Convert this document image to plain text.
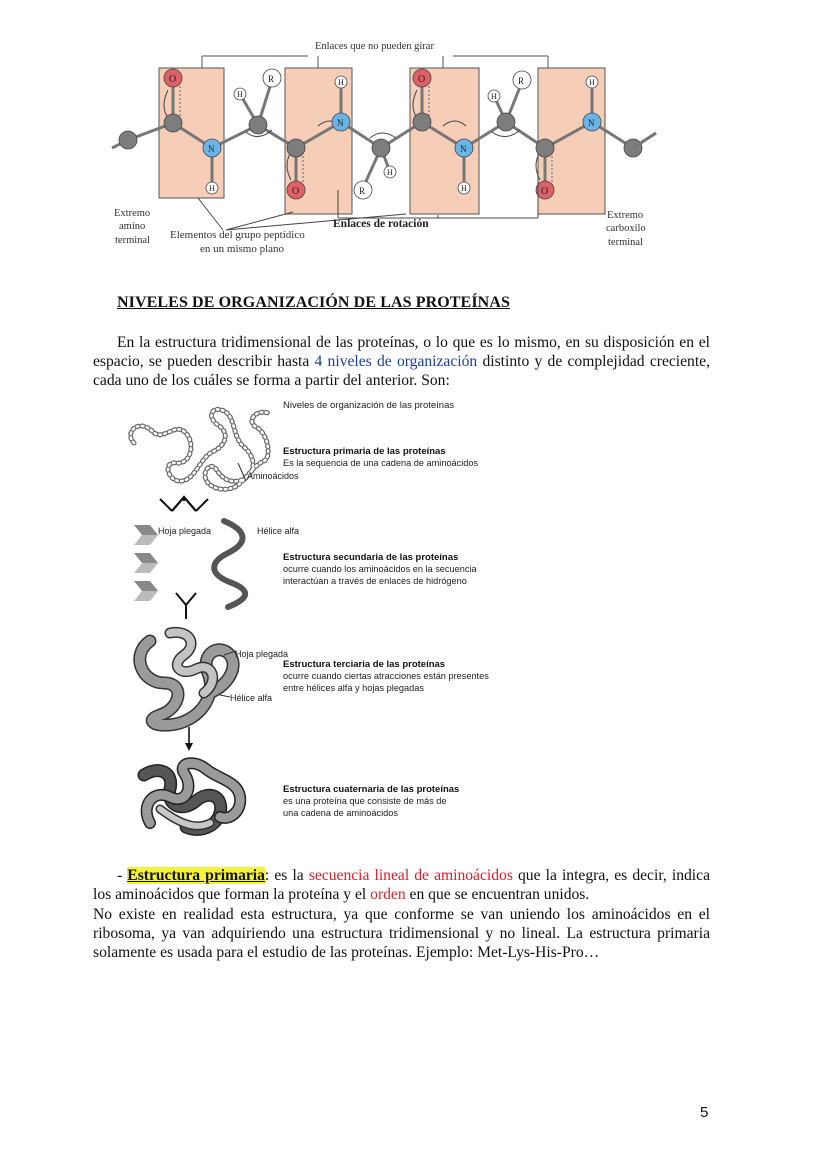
Enlaces que no pueden girar
O
O
O
O
N
N
N
N
H
H
R	H
H
R	H
H
R	H
Extremo
amino
terminal Elementos del grupo peptídico
en un mismo plano
Enlaces de rotación
Extremo
carboxilo
terminal
NIVELES DE ORGANIZACIÓN DE LAS PROTEÍNAS
En la estructura tridimensional de las proteínas, o lo que es lo mismo, en su disposición en el espacio, se pueden describir hasta 4 niveles de organización distinto y de complejidad creciente, cada uno de los cuáles se forma a partir del anterior. Son:
Niveles de organización de las proteínas
Aminoácidos
Estructura primaria de las proteínas
Es la sequencia de una cadena de aminoácidos
Hoja plegada	Hélice alfa
Estructura secundaria de las proteínas
ocurre cuando los aminoácidos en la secuencia
interactúan a través de enlaces de hidrógeno
Hoja plegada
Estructura terciaria de las proteínas
ocurre cuando ciertas atracciones están presentes
entre hélices alfa y hojas plegadas
Hélice alfa
Estructura cuaternaria de las proteínas
es una proteína que consiste de más de
una cadena de aminoácidos
- Estructura primaria: es la secuencia lineal de aminoácidos que la integra, es decir, indica los aminoácidos que forman la proteína y el orden en que se encuentran unidos.
No existe en realidad esta estructura, ya que conforme se van uniendo los aminoácidos en el ribosoma, ya van adquiriendo una estructura tridimensional y no lineal. La estructura primaria solamente es usada para el estudio de las proteínas. Ejemplo: Met-Lys-His-Pro…
5
